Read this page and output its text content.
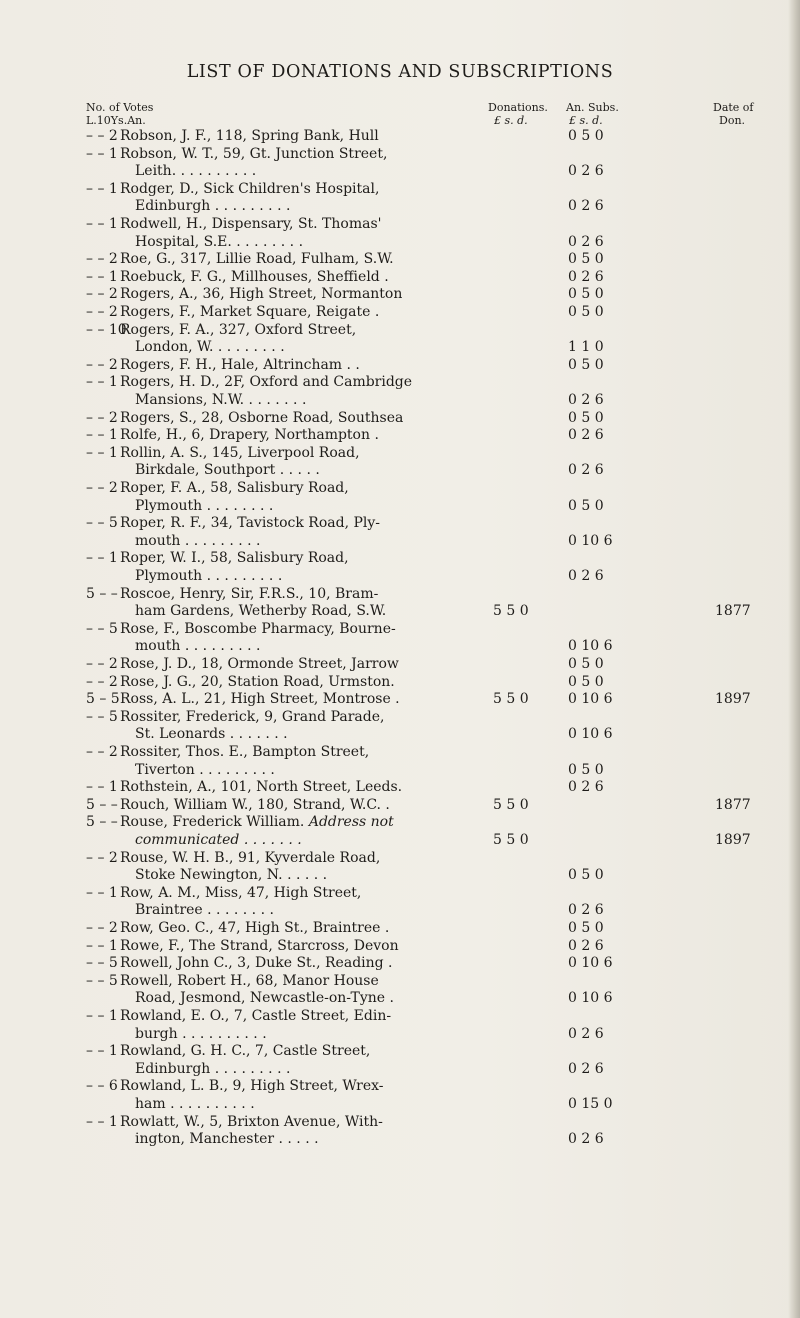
LIST OF DONATIONS AND SUBSCRIPTIONS
No. of Votes
L.10Ys.An.
Donations.
£ s. d.
An. Subs.
£ s. d.
Date of
Don.
– – 2 Robson, J. F., 118, Spring Bank, Hull	0 5 0
– – 1 Robson, W. T., 59, Gt. Junction Street,
Leith. . . . . . . . . .	0 2 6
– – 1 Rodger, D., Sick Children's Hospital,
Edinburgh . . . . . . . . .	0 2 6
– – 1 Rodwell, H., Dispensary, St. Thomas'
Hospital, S.E. . . . . . . . .	0 2 6
– – 2 Roe, G., 317, Lillie Road, Fulham, S.W.	0 5 0
– – 1 Roebuck, F. G., Millhouses, Sheffield .	0 2 6
– – 2 Rogers, A., 36, High Street, Normanton	0 5 0
– – 2 Rogers, F., Market Square, Reigate .	0 5 0
– – 10
Rogers, F. A., 327, Oxford Street,
London, W. . . . . . . . .	1 1 0
– – 2 Rogers, F. H., Hale, Altrincham . .	0 5 0
– – 1 Rogers, H. D., 2F, Oxford and Cambridge
Mansions, N.W. . . . . . . .	0 2 6
– – 2 Rogers, S., 28, Osborne Road, Southsea	0 5 0
– – 1 Rolfe, H., 6, Drapery, Northampton .	0 2 6
– – 1 Rollin, A. S., 145, Liverpool Road,
Birkdale, Southport . . . . .	0 2 6
– – 2 Roper, F. A., 58, Salisbury Road,
Plymouth . . . . . . . .	0 5 0
– – 5 Roper, R. F., 34, Tavistock Road, Ply-
mouth . . . . . . . . .	0 10 6
– – 1 Roper, W. I., 58, Salisbury Road,
Plymouth . . . . . . . . .	0 2 6
5 – – Roscoe, Henry, Sir, F.R.S., 10, Bram-
ham Gardens, Wetherby Road, S.W.	5 5 0	1877
– – 5 Rose, F., Boscombe Pharmacy, Bourne-
mouth . . . . . . . . .	0 10 6
– – 2 Rose, J. D., 18, Ormonde Street, Jarrow	0 5 0
– – 2 Rose, J. G., 20, Station Road, Urmston.	0 5 0
5 – 5 Ross, A. L., 21, High Street, Montrose .	5 5 0	0 10 6	1897
– – 5 Rossiter, Frederick, 9, Grand Parade,
St. Leonards . . . . . . .	0 10 6
– – 2 Rossiter, Thos. E., Bampton Street,
Tiverton . . . . . . . . .	0 5 0
– – 1 Rothstein, A., 101, North Street, Leeds.	0 2 6
5 – – Rouch, William W., 180, Strand, W.C. .	5 5 0	1877
5 – – Rouse, Frederick William. Address not
communicated . . . . . . .	5 5 0	1897
– – 2 Rouse, W. H. B., 91, Kyverdale Road,
Stoke Newington, N. . . . . .	0 5 0
– – 1 Row, A. M., Miss, 47, High Street,
Braintree . . . . . . . .	0 2 6
– – 2 Row, Geo. C., 47, High St., Braintree .	0 5 0
– – 1 Rowe, F., The Strand, Starcross, Devon	0 2 6
– – 5 Rowell, John C., 3, Duke St., Reading .	0 10 6
– – 5 Rowell, Robert H., 68, Manor House
Road, Jesmond, Newcastle-on-Tyne .	0 10 6
– – 1 Rowland, E. O., 7, Castle Street, Edin-
burgh . . . . . . . . . .	0 2 6
– – 1 Rowland, G. H. C., 7, Castle Street,
Edinburgh . . . . . . . . .	0 2 6
– – 6 Rowland, L. B., 9, High Street, Wrex-
ham . . . . . . . . . .	0 15 0
– – 1 Rowlatt, W., 5, Brixton Avenue, With-
ington, Manchester . . . . .	0 2 6
